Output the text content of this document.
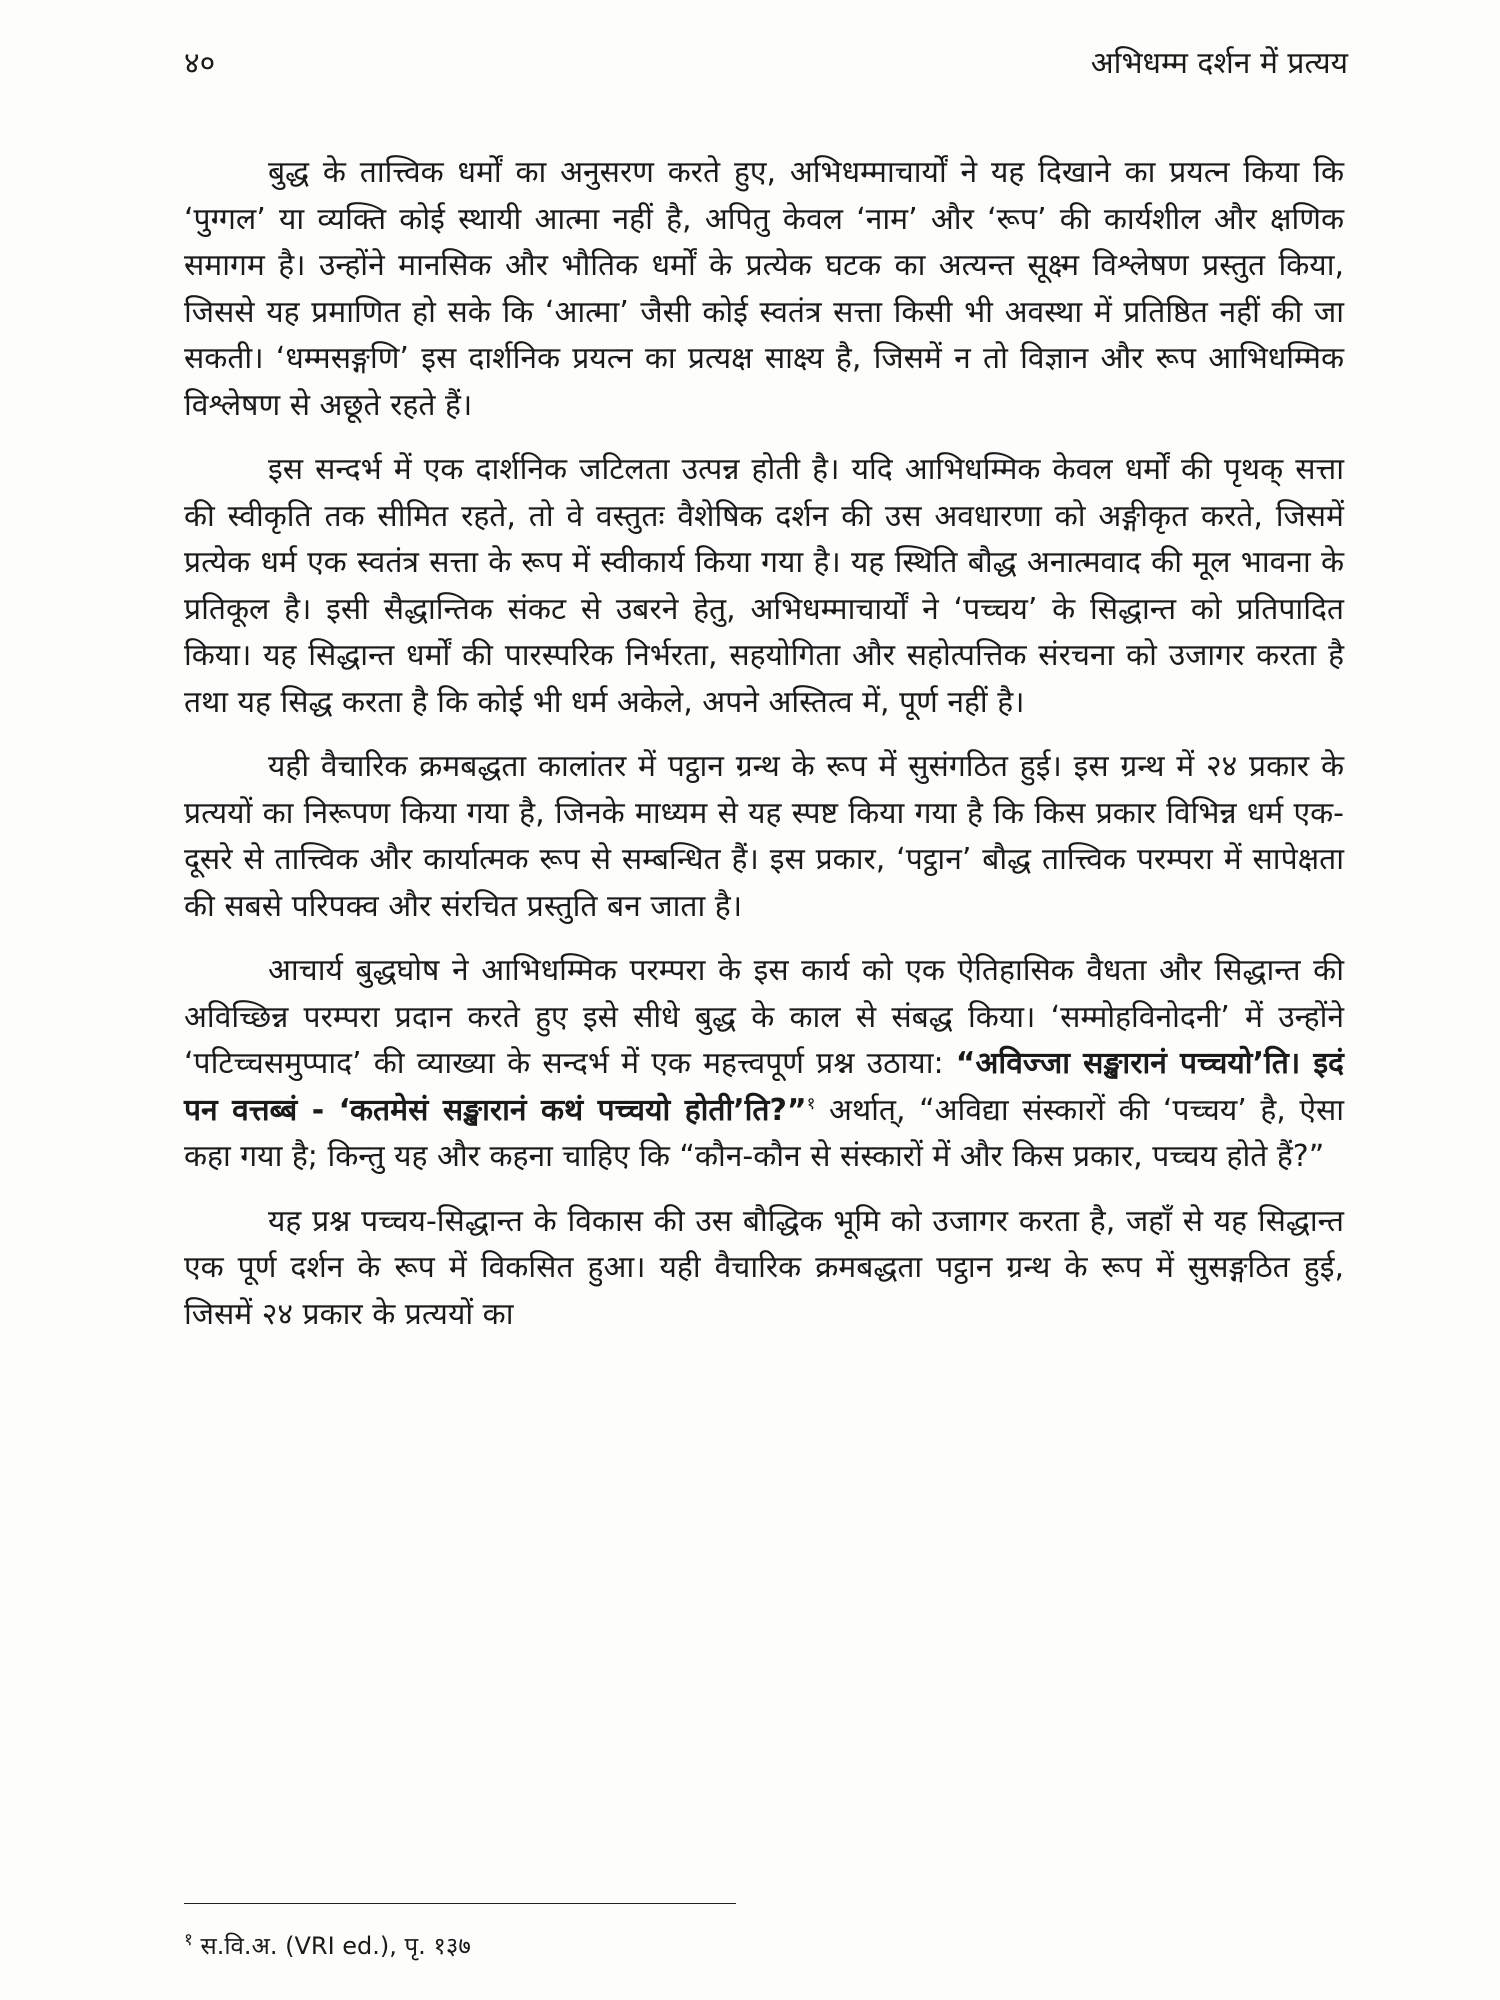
४०	अभिधम्म दर्शन में प्रत्यय

बुद्ध के तात्त्विक धर्मों का अनुसरण करते हुए, अभिधम्माचार्यों ने यह दिखाने का प्रयत्न किया कि ‘पुग्गल’ या व्यक्ति कोई स्थायी आत्मा नहीं है, अपितु केवल ‘नाम’ और ‘रूप’ की कार्यशील और क्षणिक समागम है। उन्होंने मानसिक और भौतिक धर्मों के प्रत्येक घटक का अत्यन्त सूक्ष्म विश्लेषण प्रस्तुत किया, जिससे यह प्रमाणित हो सके कि ‘आत्मा’ जैसी कोई स्वतंत्र सत्ता किसी भी अवस्था में प्रतिष्ठित नहीं की जा सकती। ‘धम्मसङ्गणि’ इस दार्शनिक प्रयत्न का प्रत्यक्ष साक्ष्य है, जिसमें न तो विज्ञान और रूप आभिधम्मिक विश्लेषण से अछूते रहते हैं।

इस सन्दर्भ में एक दार्शनिक जटिलता उत्पन्न होती है। यदि आभिधम्मिक केवल धर्मों की पृथक् सत्ता की स्वीकृति तक सीमित रहते, तो वे वस्तुतः वैशेषिक दर्शन की उस अवधारणा को अङ्गीकृत करते, जिसमें प्रत्येक धर्म एक स्वतंत्र सत्ता के रूप में स्वीकार्य किया गया है। यह स्थिति बौद्ध अनात्मवाद की मूल भावना के प्रतिकूल है। इसी सैद्धान्तिक संकट से उबरने हेतु, अभिधम्माचार्यों ने ‘पच्चय’ के सिद्धान्त को प्रतिपादित किया। यह सिद्धान्त धर्मों की पारस्परिक निर्भरता, सहयोगिता और सहोत्पत्तिक संरचना को उजागर करता है तथा यह सिद्ध करता है कि कोई भी धर्म अकेले, अपने अस्तित्व में, पूर्ण नहीं है।

यही वैचारिक क्रमबद्धता कालांतर में पट्ठान ग्रन्थ के रूप में सुसंगठित हुई। इस ग्रन्थ में २४ प्रकार के प्रत्ययों का निरूपण किया गया है, जिनके माध्यम से यह स्पष्ट किया गया है कि किस प्रकार विभिन्न धर्म एक-दूसरे से तात्त्विक और कार्यात्मक रूप से सम्बन्धित हैं। इस प्रकार, ‘पट्ठान’ बौद्ध तात्त्विक परम्परा में सापेक्षता की सबसे परिपक्व और संरचित प्रस्तुति बन जाता है।

आचार्य बुद्धघोष ने आभिधम्मिक परम्परा के इस कार्य को एक ऐतिहासिक वैधता और सिद्धान्त की अविच्छिन्न परम्परा प्रदान करते हुए इसे सीधे बुद्ध के काल से संबद्ध किया। ‘सम्मोहविनोदनी’ में उन्होंने ‘पटिच्चसमुप्पाद’ की व्याख्या के सन्दर्भ में एक महत्त्वपूर्ण प्रश्न उठाया: “अविज्जा सङ्खारानं पच्चयो’ति। इदं पन वत्तब्बं - ‘कतमेसं सङ्खारानं कथं पच्चयो होती’ति?”$^१$ अर्थात्, “अविद्या संस्कारों की ‘पच्चय’ है, ऐसा कहा गया है; किन्तु यह और कहना चाहिए कि “कौन-कौन से संस्कारों में और किस प्रकार, पच्चय होते हैं?”

यह प्रश्न पच्चय-सिद्धान्त के विकास की उस बौद्धिक भूमि को उजागर करता है, जहाँ से यह सिद्धान्त एक पूर्ण दर्शन के रूप में विकसित हुआ। यही वैचारिक क्रमबद्धता पट्ठान ग्रन्थ के रूप में सुसङ्गठित हुई, जिसमें २४ प्रकार के प्रत्ययों का

$^१$ स.वि.अ. (VRI ed.), पृ. १३७
